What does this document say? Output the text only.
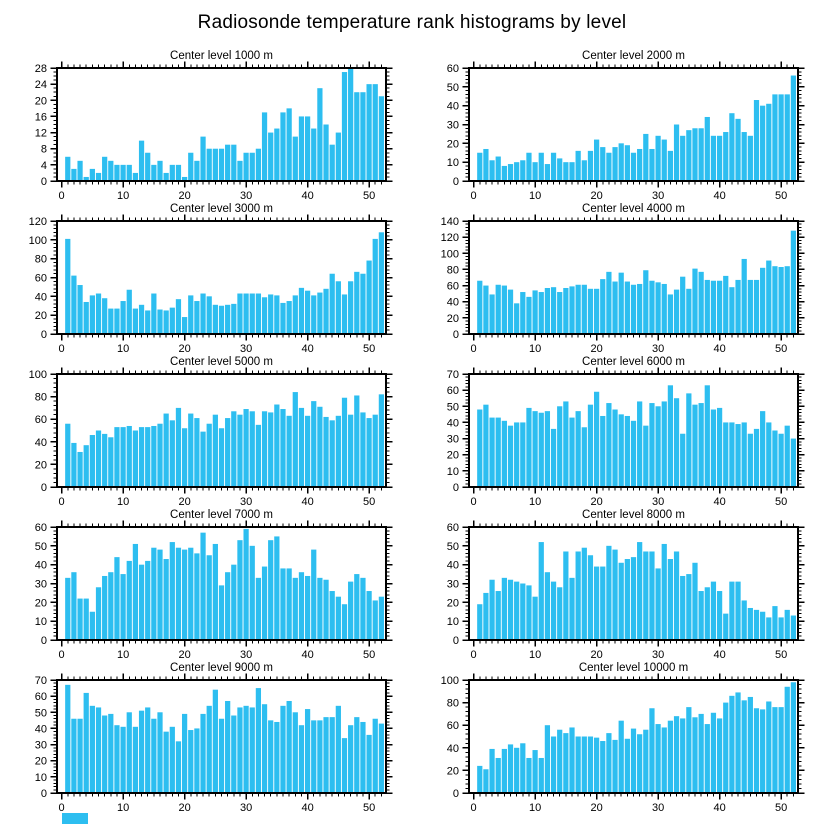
Radiosonde temperature rank histograms by level
Center level 1000 m
0	10	20	30	40	50
0
4
8
12
16
20
24
28
Center level 2000 m
0	10	20	30	40	50
0
10
20
30
40
50
60
Center level 3000 m
0	10	20	30	40	50
0
20
40
60
80
100
120
Center level 4000 m
0	10	20	30	40	50
0
20
40
60
80
100
120
140
Center level 5000 m
0	10	20	30	40	50
0
20
40
60
80
100
Center level 6000 m
0	10	20	30	40	50
0
10
20
30
40
50
60
70
Center level 7000 m
0	10	20	30	40	50
0
10
20
30
40
50
60
Center level 8000 m
0	10	20	30	40	50
0
10
20
30
40
50
60
Center level 9000 m
0	10	20	30	40	50
0
10
20
30
40
50
60
70
Center level 10000 m
0	10	20	30	40	50
0
20
40
60
80
100
